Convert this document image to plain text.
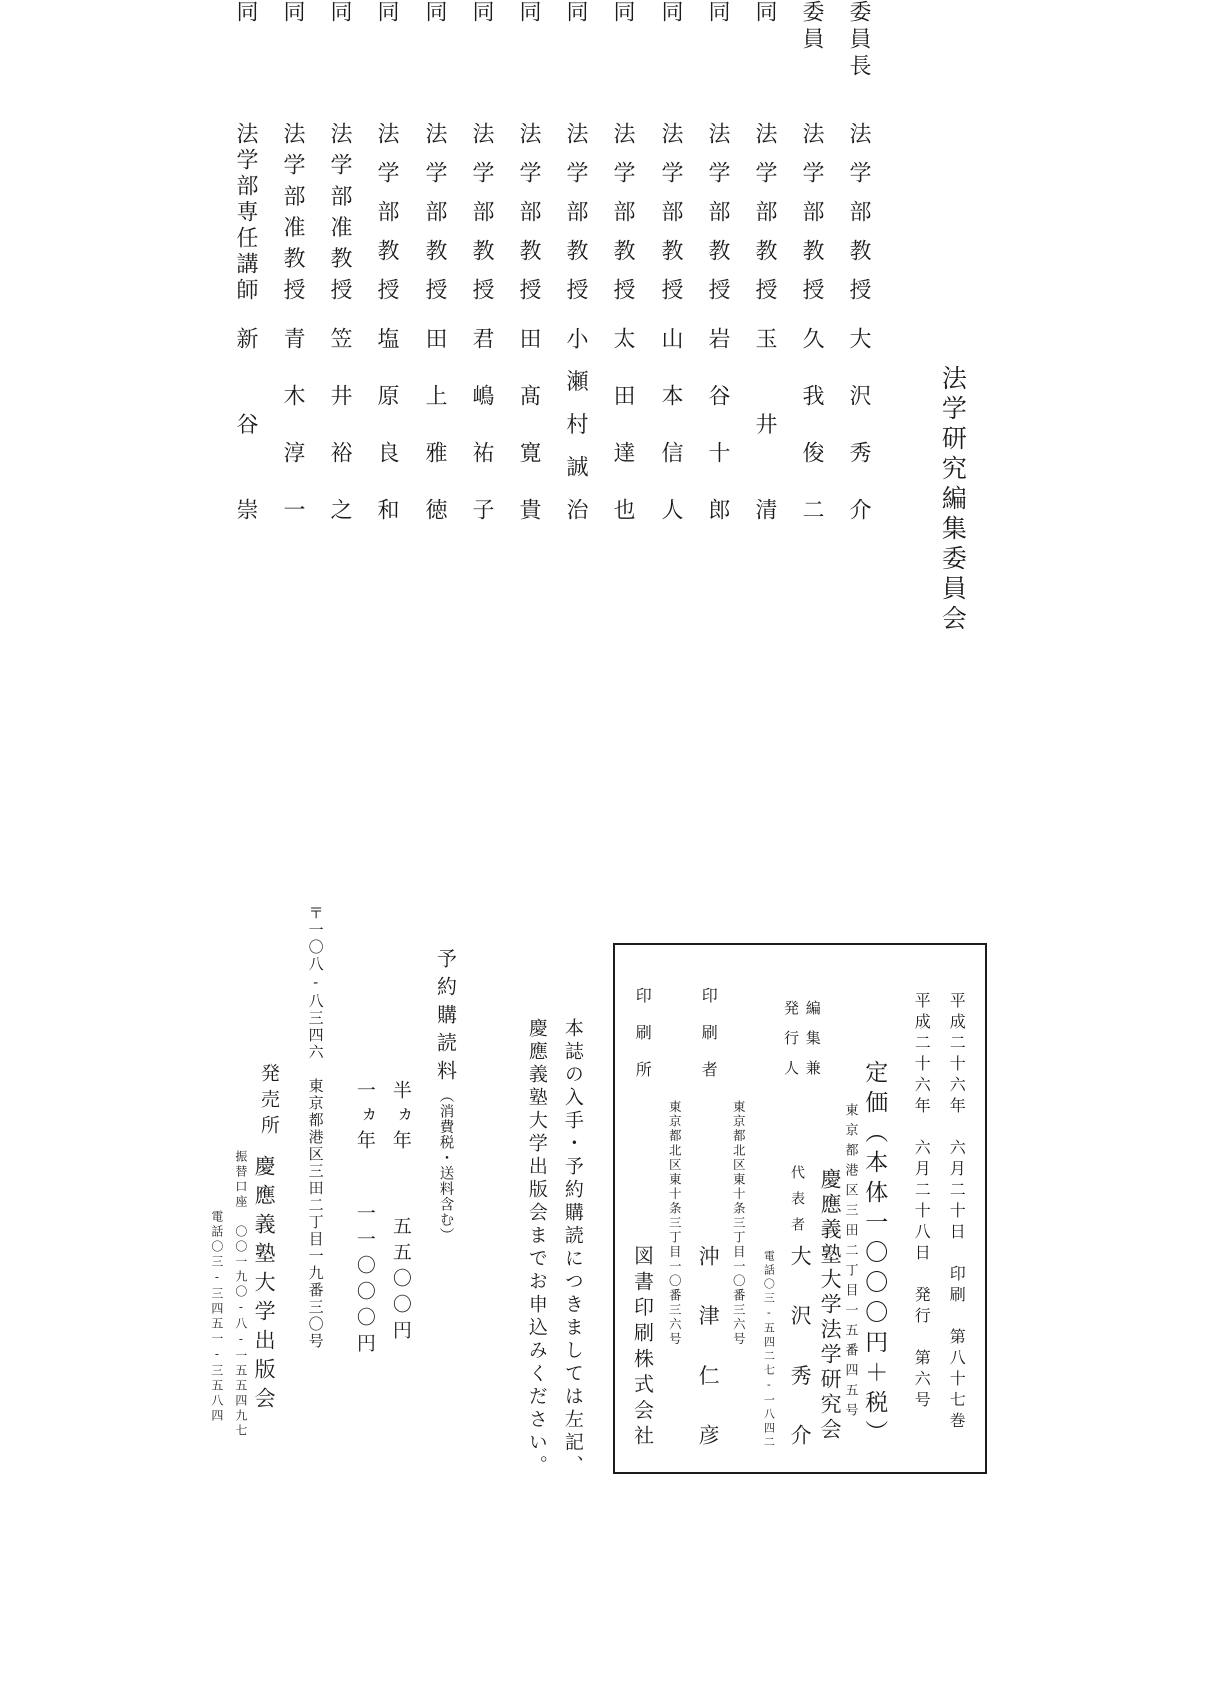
法学研究編集委員会
委員長
法学部教授
大沢秀介
委員
法学部教授
久我俊二
同
法学部教授
玉井清
同
法学部教授
岩谷十郎
同
法学部教授
山本信人
同
法学部教授
太田達也
同
法学部教授
小瀬村誠治
同
法学部教授
田髙寛貴
同
法学部教授
君嶋祐子
同
法学部教授
田上雅徳
同
法学部教授
塩原良和
同
法学部准教授
笠井裕之
同
法学部准教授
青木淳一
同
法学部専任講師
新谷崇
平成二十六年　六月二十日　印刷　第八十七巻
平成二十六年　六月二十八日　発行　第六号
定価（本体一〇〇〇円＋税）
東京都港区三田二丁目一五番四五号
編集兼
発行人
慶應義塾大学法学研究会
代表者
大沢秀介
電話〇三-五四二七-一八四二
印刷者
東京都北区東十条三丁目一〇番三六号
沖津仁彦
印刷所
東京都北区東十条三丁目一〇番三六号
図書印刷株式会社
本誌の入手・予約購読につきましては左記、
慶應義塾大学出版会までお申込みください。
予約購読料（消費税・送料含む）
半ヵ年
五五〇〇円
一ヵ年
一一〇〇〇円
〒一〇八-八三四六　東京都港区三田二丁目一九番三〇号
発売所
慶應義塾大学出版会
振替口座　〇〇一九〇-八-一五五四九七
電話〇三-三四五一-三五八四
